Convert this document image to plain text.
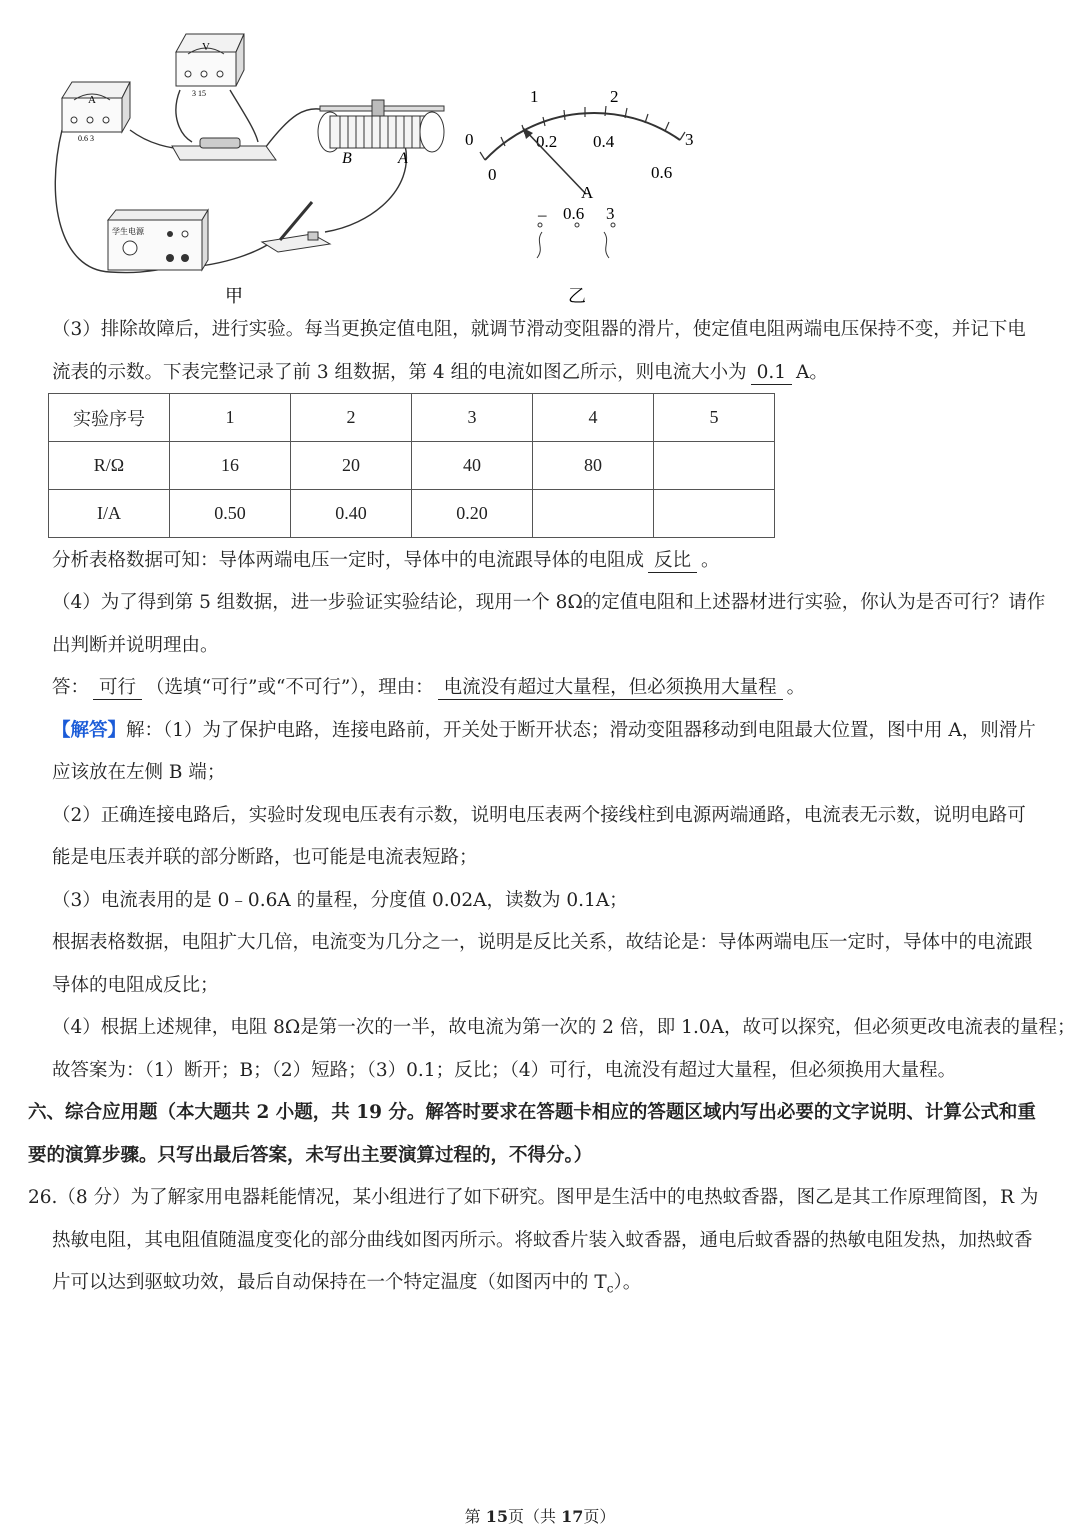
A
0.6 3
V
3 15
B	A
学生电源
甲
0
1	2
3
0
0.2 0.4
0.6
A
– 0.6 3
乙
（3）排除故障后，进行实验。每当更换定值电阻，就调节滑动变阻器的滑片，使定值电阻两端电压保持不变，并记下电
流表的示数。下表完整记录了前 3 组数据，第 4 组的电流如图乙所示，则电流大小为 0.1 A。
实验序号	1	2	3	4	5
R/Ω	16	20	40	80	
I/A	0.50	0.40	0.20		
分析表格数据可知：导体两端电压一定时，导体中的电流跟导体的电阻成 反比 。
（4）为了得到第 5 组数据，进一步验证实验结论，现用一个 8Ω的定值电阻和上述器材进行实验，你认为是否可行？请作
出判断并说明理由。
答： 可行 （选填“可行”或“不可行”），理由： 电流没有超过大量程，但必须换用大量程 。
【解答】解：（1）为了保护电路，连接电路前，开关处于断开状态；滑动变阻器移动到电阻最大位置，图中用 A，则滑片
应该放在左侧 B 端；
（2）正确连接电路后，实验时发现电压表有示数，说明电压表两个接线柱到电源两端通路，电流表无示数，说明电路可
能是电压表并联的部分断路，也可能是电流表短路；
（3）电流表用的是 0﹣0.6A 的量程，分度值 0.02A，读数为 0.1A；
根据表格数据，电阻扩大几倍，电流变为几分之一，说明是反比关系，故结论是：导体两端电压一定时，导体中的电流跟
导体的电阻成反比；
（4）根据上述规律，电阻 8Ω是第一次的一半，故电流为第一次的 2 倍，即 1.0A，故可以探究，但必须更改电流表的量程；
故答案为：（1）断开；B；（2）短路；（3）0.1；反比；（4）可行，电流没有超过大量程，但必须换用大量程。
六、综合应用题（本大题共 2 小题，共 19 分。解答时要求在答题卡相应的答题区域内写出必要的文字说明、计算公式和重
要的演算步骤。只写出最后答案，未写出主要演算过程的，不得分。）
26.（8 分）为了解家用电器耗能情况，某小组进行了如下研究。图甲是生活中的电热蚊香器，图乙是其工作原理简图，R 为
热敏电阻，其电阻值随温度变化的部分曲线如图丙所示。将蚊香片装入蚊香器，通电后蚊香器的热敏电阻发热，加热蚊香
片可以达到驱蚊功效，最后自动保持在一个特定温度（如图丙中的 $T_c$）。
第 15页（共 17页）
